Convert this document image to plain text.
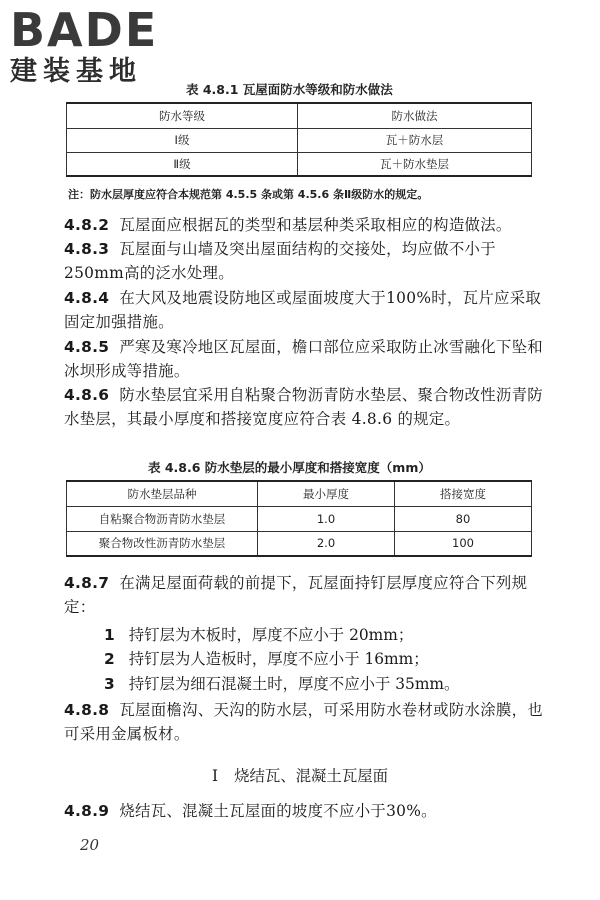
BADE
建装基地
表 4.8.1 瓦屋面防水等级和防水做法
防水等级	防水做法
Ⅰ级	瓦＋防水层
Ⅱ级	瓦＋防水垫层
注：防水层厚度应符合本规范第 4.5.5 条或第 4.5.6 条Ⅱ级防水的规定。
4.8.2 瓦屋面应根据瓦的类型和基层种类采取相应的构造做法。
4.8.3 瓦屋面与山墙及突出屋面结构的交接处，均应做不小于250mm高的泛水处理。
4.8.4 在大风及地震设防地区或屋面坡度大于100%时，瓦片应采取固定加强措施。
4.8.5 严寒及寒冷地区瓦屋面，檐口部位应采取防止冰雪融化下坠和冰坝形成等措施。
4.8.6 防水垫层宜采用自粘聚合物沥青防水垫层、聚合物改性沥青防水垫层，其最小厚度和搭接宽度应符合表 4.8.6 的规定。
表 4.8.6 防水垫层的最小厚度和搭接宽度（mm）
防水垫层品种	最小厚度	搭接宽度
自粘聚合物沥青防水垫层	1.0	80
聚合物改性沥青防水垫层	2.0	100
4.8.7 在满足屋面荷载的前提下，瓦屋面持钉层厚度应符合下列规定：
1 持钉层为木板时，厚度不应小于 20mm；
2 持钉层为人造板时，厚度不应小于 16mm；
3 持钉层为细石混凝土时，厚度不应小于 35mm。
4.8.8 瓦屋面檐沟、天沟的防水层，可采用防水卷材或防水涂膜，也可采用金属板材。
Ⅰ 烧结瓦、混凝土瓦屋面
4.8.9 烧结瓦、混凝土瓦屋面的坡度不应小于30%。
20
